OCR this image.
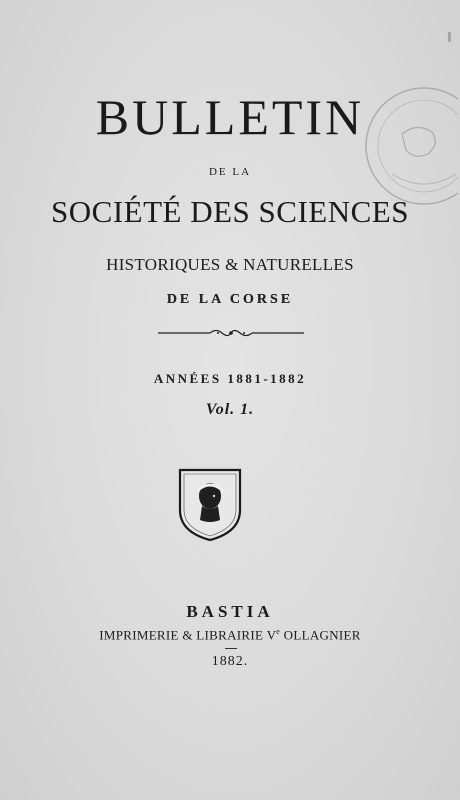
BULLETIN
DE LA
SOCIÉTÉ DES SCIENCES
HISTORIQUES & NATURELLES
DE LA CORSE
ANNÉES 1881-1882
Vol. 1.
BASTIA
IMPRIMERIE & LIBRAIRIE Ve OLLAGNIER
1882.
